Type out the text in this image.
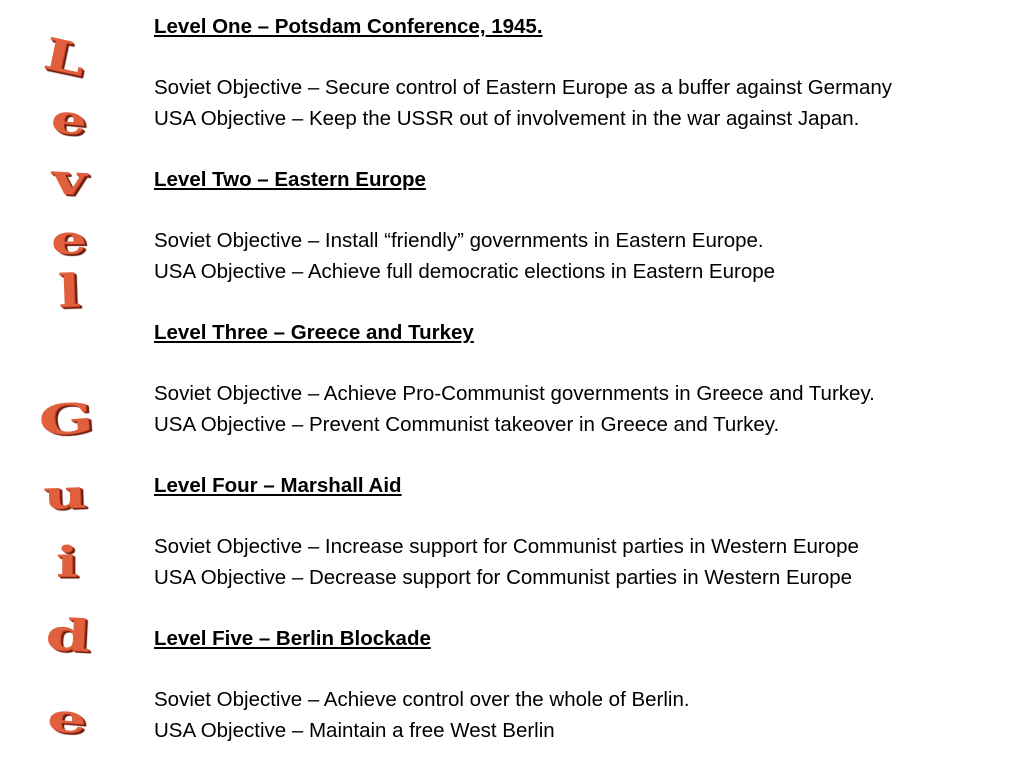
L
e
v
e
l
G
u
i
d
e
Level One – Potsdam Conference, 1945.
Soviet Objective – Secure control of Eastern Europe as a buffer against Germany
USA Objective – Keep the USSR out of involvement in the war against Japan.
Level Two – Eastern Europe
Soviet Objective – Install “friendly” governments in Eastern Europe.
USA Objective – Achieve full democratic elections in Eastern Europe
Level Three – Greece and Turkey
Soviet Objective – Achieve Pro-Communist governments in Greece and Turkey.
USA Objective – Prevent Communist takeover in Greece and Turkey.
Level Four – Marshall Aid
Soviet Objective – Increase support for Communist parties in Western Europe
USA Objective – Decrease support for Communist parties in Western Europe
Level Five – Berlin Blockade
Soviet Objective – Achieve control over the whole of Berlin.
USA Objective – Maintain a free West Berlin
